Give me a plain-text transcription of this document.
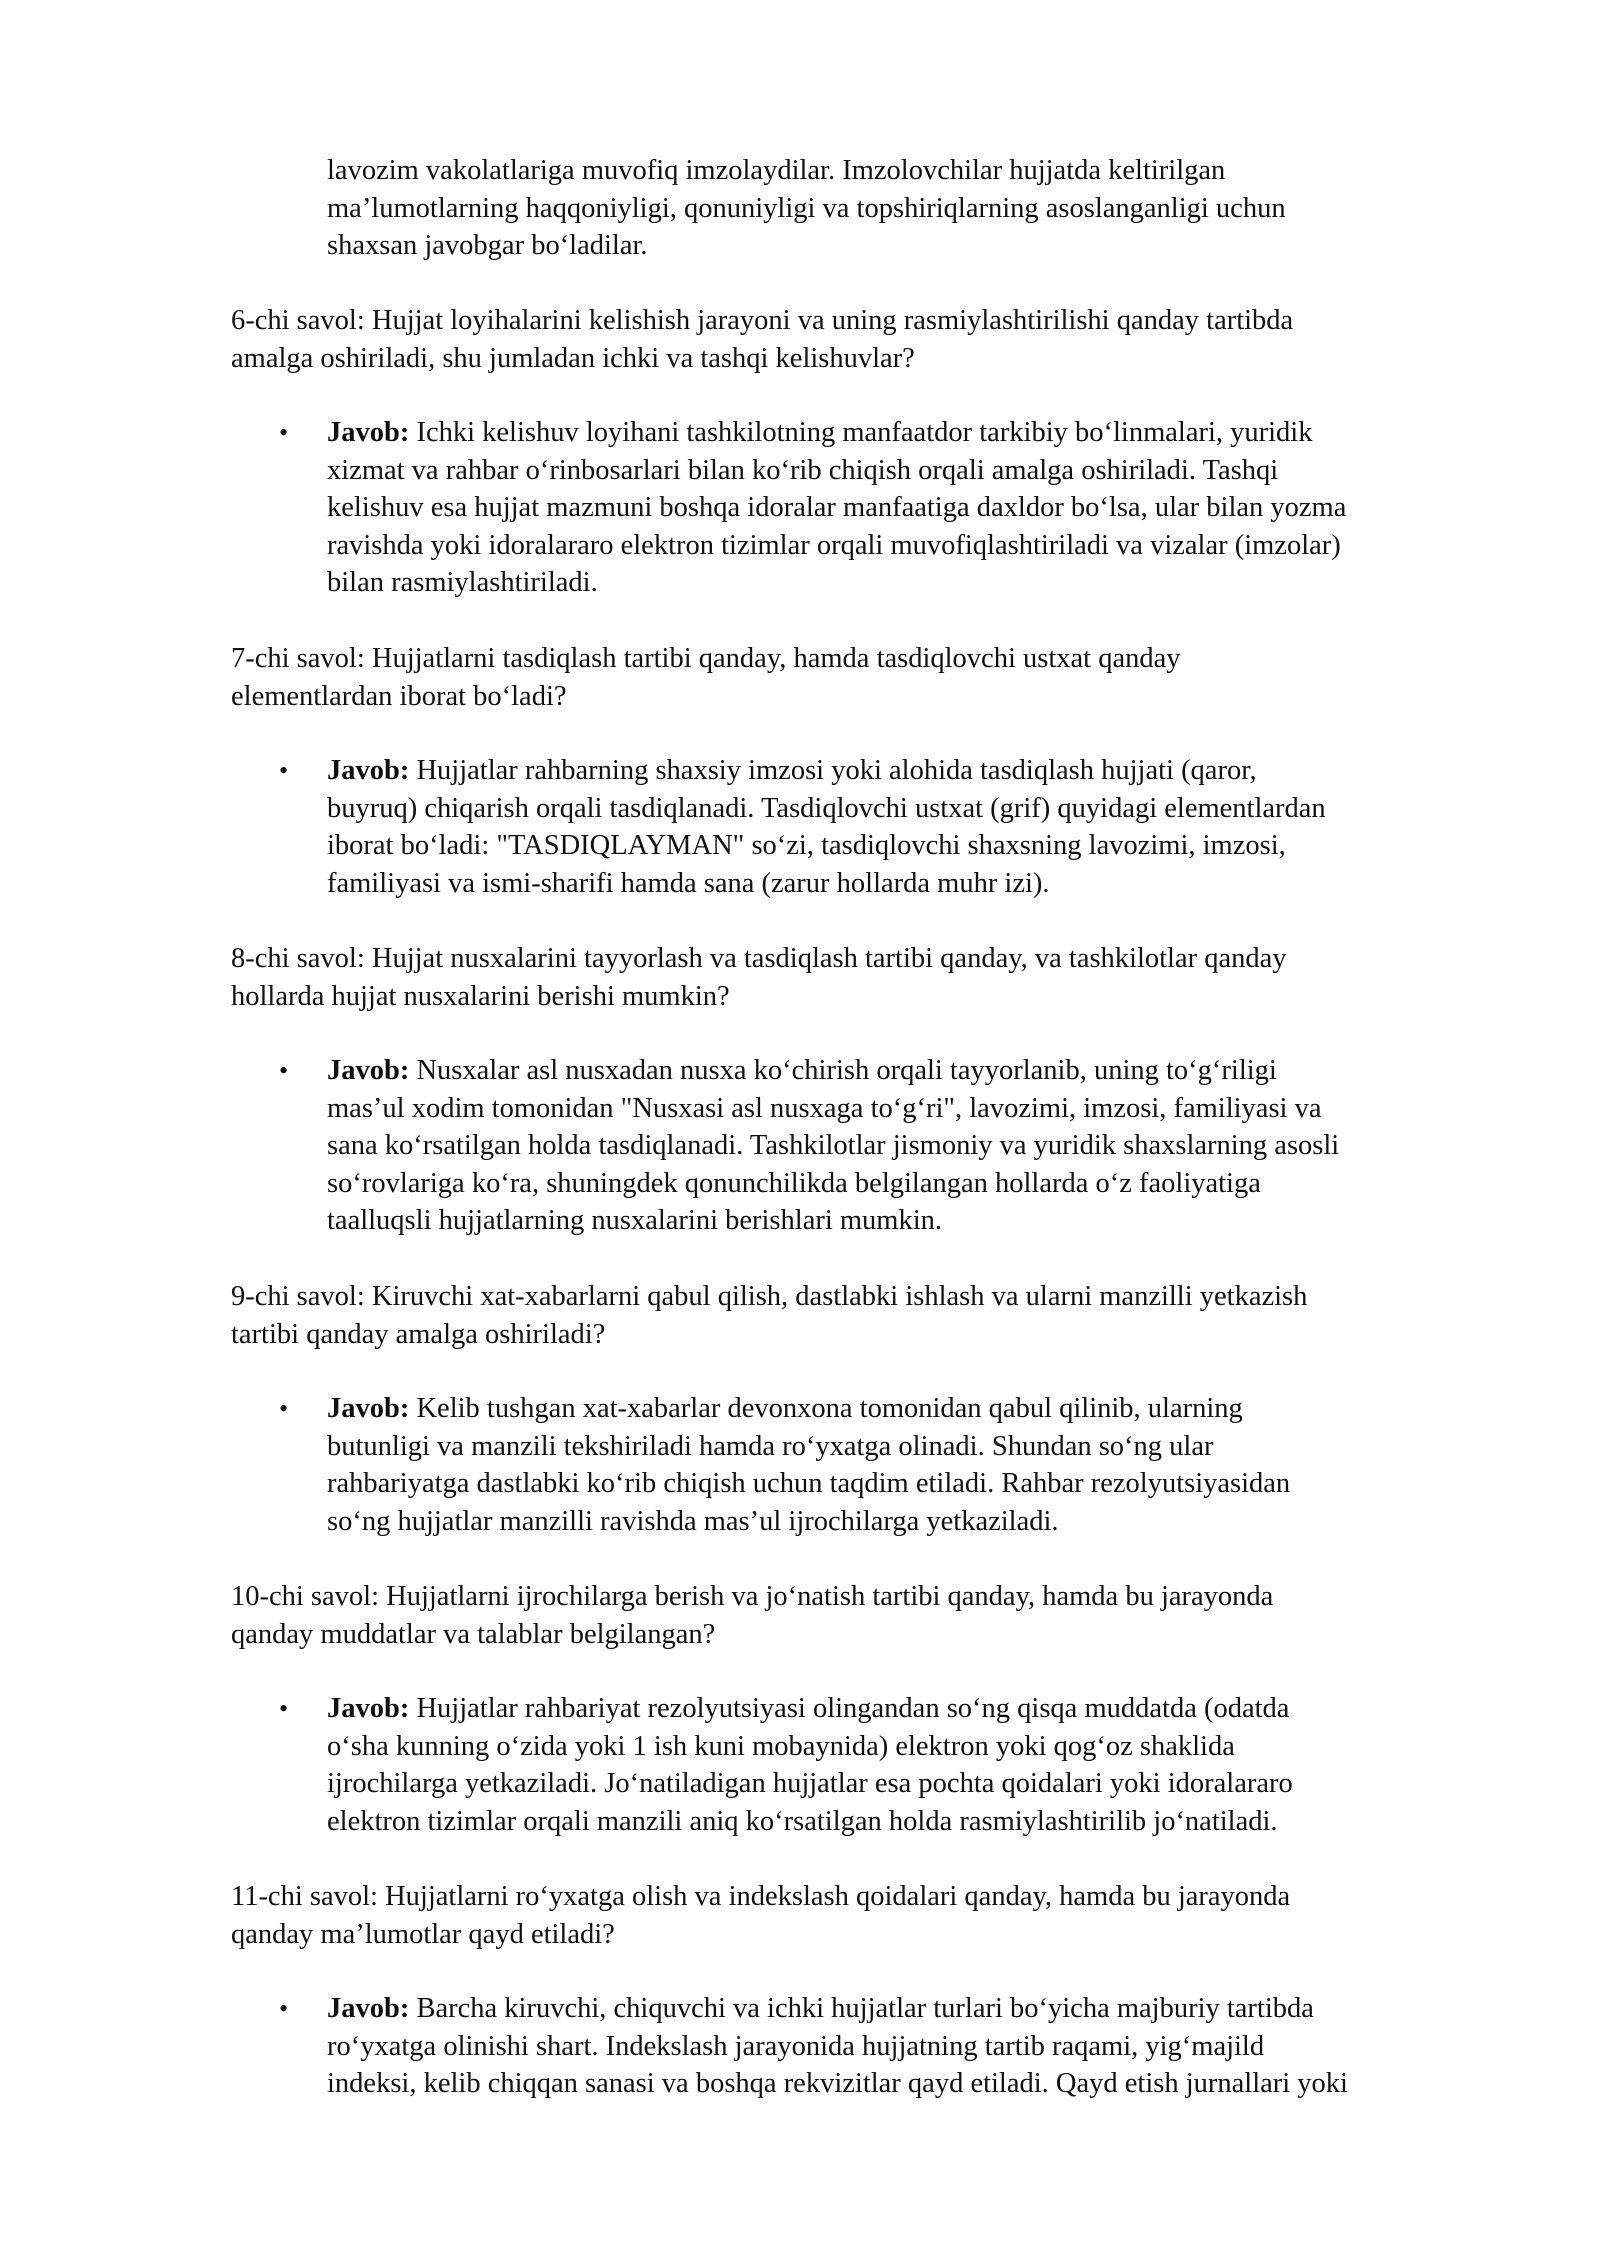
lavozim vakolatlariga muvofiq imzolaydilar. Imzolovchilar hujjatda keltirilgan
ma’lumotlarning haqqoniyligi, qonuniyligi va topshiriqlarning asoslanganligi uchun
shaxsan javobgar boʻladilar.

6-chi savol: Hujjat loyihalarini kelishish jarayoni va uning rasmiylashtirilishi qanday tartibda
amalga oshiriladi, shu jumladan ichki va tashqi kelishuvlar?

• Javob: Ichki kelishuv loyihani tashkilotning manfaatdor tarkibiy boʻlinmalari, yuridik
xizmat va rahbar oʻrinbosarlari bilan koʻrib chiqish orqali amalga oshiriladi. Tashqi
kelishuv esa hujjat mazmuni boshqa idoralar manfaatiga daxldor boʻlsa, ular bilan yozma
ravishda yoki idoralararo elektron tizimlar orqali muvofiqlashtiriladi va vizalar (imzolar)
bilan rasmiylashtiriladi.

7-chi savol: Hujjatlarni tasdiqlash tartibi qanday, hamda tasdiqlovchi ustxat qanday
elementlardan iborat boʻladi?

• Javob: Hujjatlar rahbarning shaxsiy imzosi yoki alohida tasdiqlash hujjati (qaror,
buyruq) chiqarish orqali tasdiqlanadi. Tasdiqlovchi ustxat (grif) quyidagi elementlardan
iborat boʻladi: "TASDIQLAYMAN" soʻzi, tasdiqlovchi shaxsning lavozimi, imzosi,
familiyasi va ismi-sharifi hamda sana (zarur hollarda muhr izi).

8-chi savol: Hujjat nusxalarini tayyorlash va tasdiqlash tartibi qanday, va tashkilotlar qanday
hollarda hujjat nusxalarini berishi mumkin?

• Javob: Nusxalar asl nusxadan nusxa koʻchirish orqali tayyorlanib, uning toʻgʻriligi
mas’ul xodim tomonidan "Nusxasi asl nusxaga toʻgʻri", lavozimi, imzosi, familiyasi va
sana koʻrsatilgan holda tasdiqlanadi. Tashkilotlar jismoniy va yuridik shaxslarning asosli
soʻrovlariga koʻra, shuningdek qonunchilikda belgilangan hollarda oʻz faoliyatiga
taalluqsli hujjatlarning nusxalarini berishlari mumkin.

9-chi savol: Kiruvchi xat-xabarlarni qabul qilish, dastlabki ishlash va ularni manzilli yetkazish
tartibi qanday amalga oshiriladi?

• Javob: Kelib tushgan xat-xabarlar devonxona tomonidan qabul qilinib, ularning
butunligi va manzili tekshiriladi hamda roʻyxatga olinadi. Shundan soʻng ular
rahbariyatga dastlabki koʻrib chiqish uchun taqdim etiladi. Rahbar rezolyutsiyasidan
soʻng hujjatlar manzilli ravishda mas’ul ijrochilarga yetkaziladi.

10-chi savol: Hujjatlarni ijrochilarga berish va joʻnatish tartibi qanday, hamda bu jarayonda
qanday muddatlar va talablar belgilangan?

• Javob: Hujjatlar rahbariyat rezolyutsiyasi olingandan soʻng qisqa muddatda (odatda
oʻsha kunning oʻzida yoki 1 ish kuni mobaynida) elektron yoki qogʻoz shaklida
ijrochilarga yetkaziladi. Joʻnatiladigan hujjatlar esa pochta qoidalari yoki idoralararo
elektron tizimlar orqali manzili aniq koʻrsatilgan holda rasmiylashtirilib joʻnatiladi.

11-chi savol: Hujjatlarni roʻyxatga olish va indekslash qoidalari qanday, hamda bu jarayonda
qanday ma’lumotlar qayd etiladi?

• Javob: Barcha kiruvchi, chiquvchi va ichki hujjatlar turlari boʻyicha majburiy tartibda
roʻyxatga olinishi shart. Indekslash jarayonida hujjatning tartib raqami, yigʻmajild
indeksi, kelib chiqqan sanasi va boshqa rekvizitlar qayd etiladi. Qayd etish jurnallari yoki
